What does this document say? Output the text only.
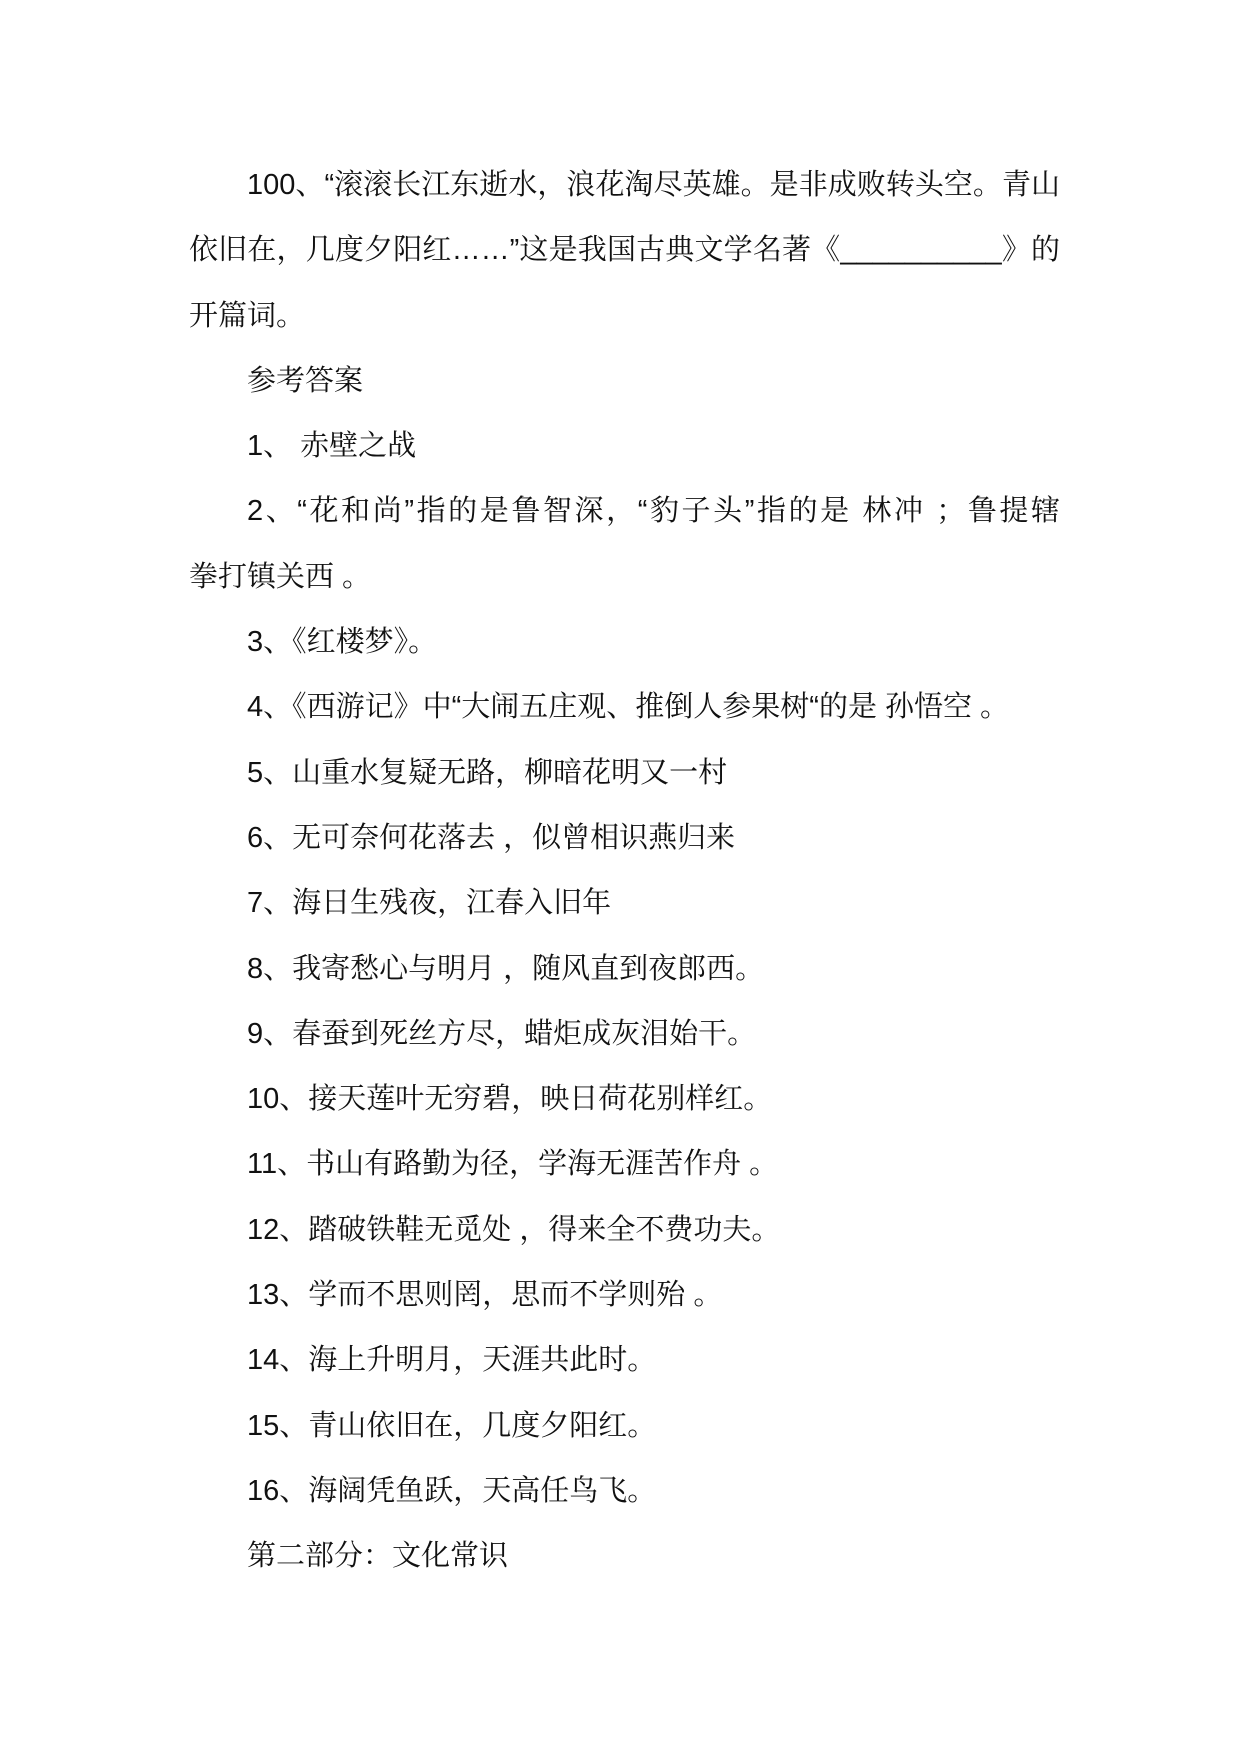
100、“滚滚长江东逝水，浪花淘尽英雄。是非成败转头空。青山
依旧在，几度夕阳红……”这是我国古典文学名著《__________》的
开篇词。
参考答案
1、 赤壁之战
2、“花和尚”指的是鲁智深，“豹子头”指的是 林冲 ；鲁提辖
拳打镇关西 。
3、《红楼梦》。
4、《西游记》中“大闹五庄观、推倒人参果树“的是 孙悟空 。
5、山重水复疑无路，柳暗花明又一村
6、无可奈何花落去 ，似曾相识燕归来
7、海日生残夜，江春入旧年
8、我寄愁心与明月 ，随风直到夜郎西。
9、春蚕到死丝方尽，蜡炬成灰泪始干。
10、接天莲叶无穷碧，映日荷花别样红。
11、书山有路勤为径，学海无涯苦作舟 。
12、踏破铁鞋无觅处 ，得来全不费功夫。
13、学而不思则罔，思而不学则殆 。
14、海上升明月，天涯共此时。
15、青山依旧在，几度夕阳红。
16、海阔凭鱼跃，天高任鸟飞。
第二部分：文化常识
